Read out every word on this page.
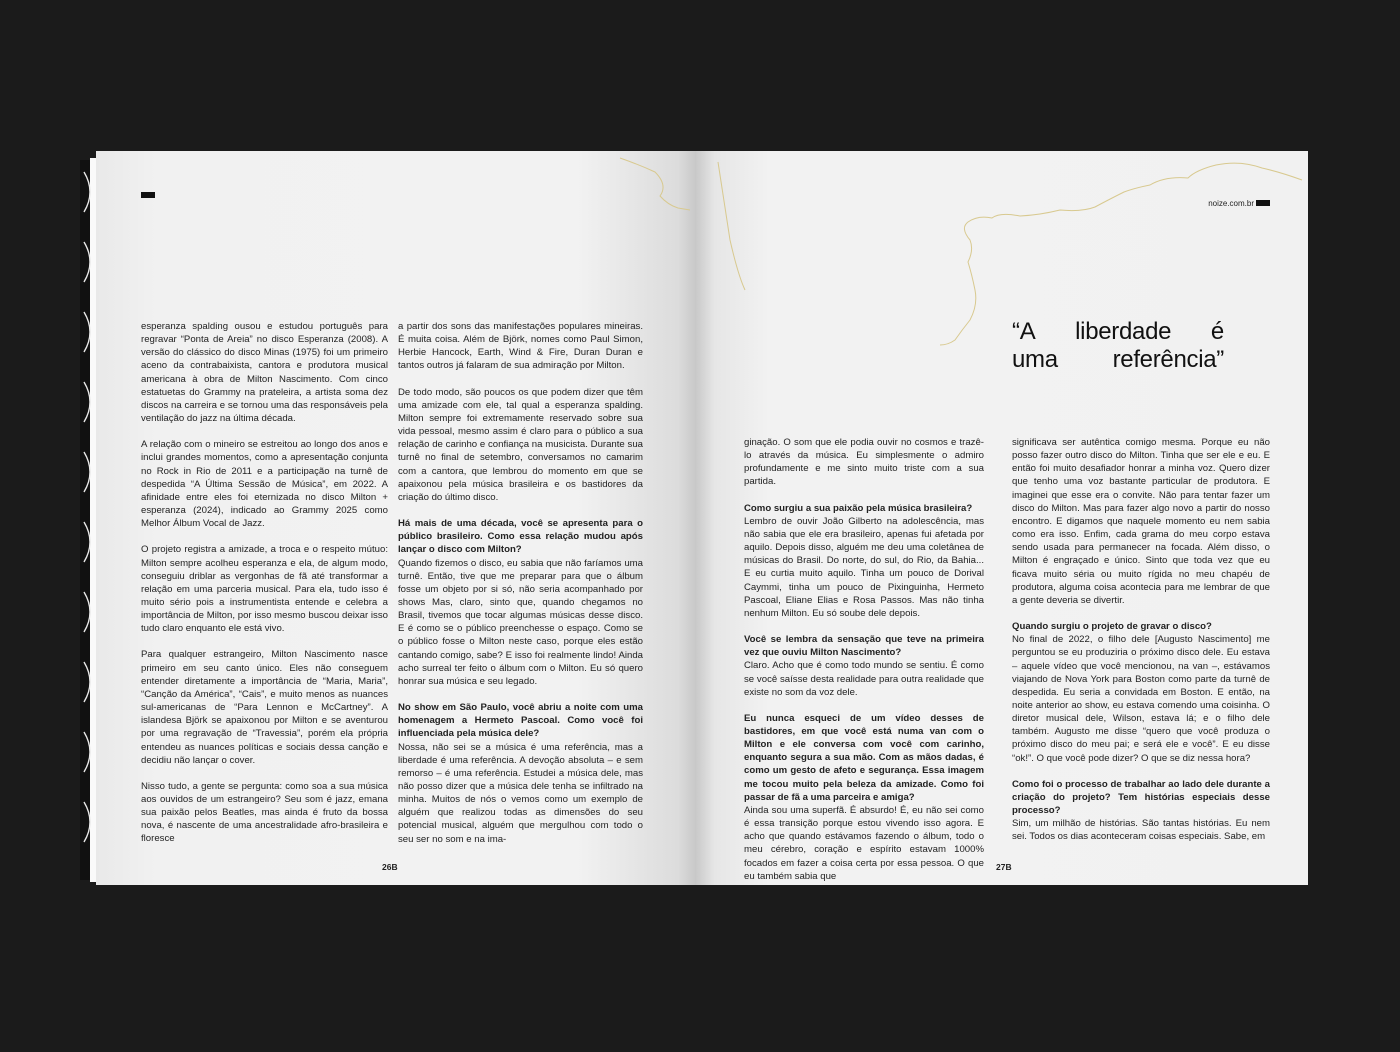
esperanza spalding ousou e estudou português para regravar “Ponta de Areia” no disco Esperanza (2008). A versão do clássico do disco Minas (1975) foi um primeiro aceno da contrabaixista, cantora e produtora musical americana à obra de Milton Nascimento. Com cinco estatuetas do Grammy na prateleira, a artista soma dez discos na carreira e se tornou uma das responsáveis pela ventilação do jazz na última década.

A relação com o mineiro se estreitou ao longo dos anos e inclui grandes momentos, como a apresentação conjunta no Rock in Rio de 2011 e a participação na turnê de despedida “A Última Sessão de Música”, em 2022. A afinidade entre eles foi eternizada no disco Milton + esperanza (2024), indicado ao Grammy 2025 como Melhor Álbum Vocal de Jazz.

O projeto registra a amizade, a troca e o respeito mútuo: Milton sempre acolheu esperanza e ela, de algum modo, conseguiu driblar as vergonhas de fã até transformar a relação em uma parceria musical. Para ela, tudo isso é muito sério pois a instrumentista entende e celebra a importância de Milton, por isso mesmo buscou deixar isso tudo claro enquanto ele está vivo.

Para qualquer estrangeiro, Milton Nascimento nasce primeiro em seu canto único. Eles não conseguem entender diretamente a importância de “Maria, Maria”, “Canção da América”, “Cais”, e muito menos as nuances sul-americanas de “Para Lennon e McCartney”. A islandesa Björk se apaixonou por Milton e se aventurou por uma regravação de “Travessia”, porém ela própria entendeu as nuances políticas e sociais dessa canção e decidiu não lançar o cover.

Nisso tudo, a gente se pergunta: como soa a sua música aos ouvidos de um estrangeiro? Seu som é jazz, emana sua paixão pelos Beatles, mas ainda é fruto da bossa nova, é nascente de uma ancestralidade afro-brasileira e floresce

a partir dos sons das manifestações populares mineiras. É muita coisa. Além de Björk, nomes como Paul Simon, Herbie Hancock, Earth, Wind & Fire, Duran Duran e tantos outros já falaram de sua admiração por Milton.

De todo modo, são poucos os que podem dizer que têm uma amizade com ele, tal qual a esperanza spalding. Milton sempre foi extremamente reservado sobre sua vida pessoal, mesmo assim é claro para o público a sua relação de carinho e confiança na musicista. Durante sua turnê no final de setembro, conversamos no camarim com a cantora, que lembrou do momento em que se apaixonou pela música brasileira e os bastidores da criação do último disco.

Há mais de uma década, você se apresenta para o público brasileiro. Como essa relação mudou após lançar o disco com Milton?

Quando fizemos o disco, eu sabia que não faríamos uma turnê. Então, tive que me preparar para que o álbum fosse um objeto por si só, não seria acompanhado por shows Mas, claro, sinto que, quando chegamos no Brasil, tivemos que tocar algumas músicas desse disco. E é como se o público preenchesse o espaço. Como se o público fosse o Milton neste caso, porque eles estão cantando comigo, sabe? E isso foi realmente lindo! Ainda acho surreal ter feito o álbum com o Milton. Eu só quero honrar sua música e seu legado.

No show em São Paulo, você abriu a noite com uma homenagem a Hermeto Pascoal. Como você foi influenciada pela música dele?

Nossa, não sei se a música é uma referência, mas a liberdade é uma referência. A devoção absoluta – e sem remorso – é uma referência. Estudei a música dele, mas não posso dizer que a música dele tenha se infiltrado na minha. Muitos de nós o vemos como um exemplo de alguém que realizou todas as dimensões do seu potencial musical, alguém que mergulhou com todo o seu ser no som e na ima-

26B
noize.com.br
“A liberdade é
uma referência”

ginação. O som que ele podia ouvir no cosmos e trazê-lo através da música. Eu simplesmente o admiro profundamente e me sinto muito triste com a sua partida.

Como surgiu a sua paixão pela música brasileira?

Lembro de ouvir João Gilberto na adolescência, mas não sabia que ele era brasileiro, apenas fui afetada por aquilo. Depois disso, alguém me deu uma coletânea de músicas do Brasil. Do norte, do sul, do Rio, da Bahia... E eu curtia muito aquilo. Tinha um pouco de Dorival Caymmi, tinha um pouco de Pixinguinha, Hermeto Pascoal, Eliane Elias e Rosa Passos. Mas não tinha nenhum Milton. Eu só soube dele depois.

Você se lembra da sensação que teve na primeira vez que ouviu Milton Nascimento?

Claro. Acho que é como todo mundo se sentiu. É como se você saísse desta realidade para outra realidade que existe no som da voz dele.

Eu nunca esqueci de um vídeo desses de bastidores, em que você está numa van com o Milton e ele conversa com você com carinho, enquanto segura a sua mão. Com as mãos dadas, é como um gesto de afeto e segurança. Essa imagem me tocou muito pela beleza da amizade. Como foi passar de fã a uma parceira e amiga?

Ainda sou uma superfã. É absurdo! É, eu não sei como é essa transição porque estou vivendo isso agora. E acho que quando estávamos fazendo o álbum, todo o meu cérebro, coração e espírito estavam 1000% focados em fazer a coisa certa por essa pessoa. O que eu também sabia que

significava ser autêntica comigo mesma. Porque eu não posso fazer outro disco do Milton. Tinha que ser ele e eu. E então foi muito desafiador honrar a minha voz. Quero dizer que tenho uma voz bastante particular de produtora. E imaginei que esse era o convite. Não para tentar fazer um disco do Milton. Mas para fazer algo novo a partir do nosso encontro. E digamos que naquele momento eu nem sabia como era isso. Enfim, cada grama do meu corpo estava sendo usada para permanecer na focada. Além disso, o Milton é engraçado e único. Sinto que toda vez que eu ficava muito séria ou muito rígida no meu chapéu de produtora, alguma coisa acontecia para me lembrar de que a gente deveria se divertir.

Quando surgiu o projeto de gravar o disco?

No final de 2022, o filho dele [Augusto Nascimento] me perguntou se eu produziria o próximo disco dele. Eu estava – aquele vídeo que você mencionou, na van –, estávamos viajando de Nova York para Boston como parte da turnê de despedida. Eu seria a convidada em Boston. E então, na noite anterior ao show, eu estava comendo uma coisinha. O diretor musical dele, Wilson, estava lá; e o filho dele também. Augusto me disse “quero que você produza o próximo disco do meu pai; e será ele e você”. E eu disse “ok!”. O que você pode dizer? O que se diz nessa hora?

Como foi o processo de trabalhar ao lado dele durante a criação do projeto? Tem histórias especiais desse processo?

Sim, um milhão de histórias. São tantas histórias. Eu nem sei. Todos os dias aconteceram coisas especiais. Sabe, em

27B
